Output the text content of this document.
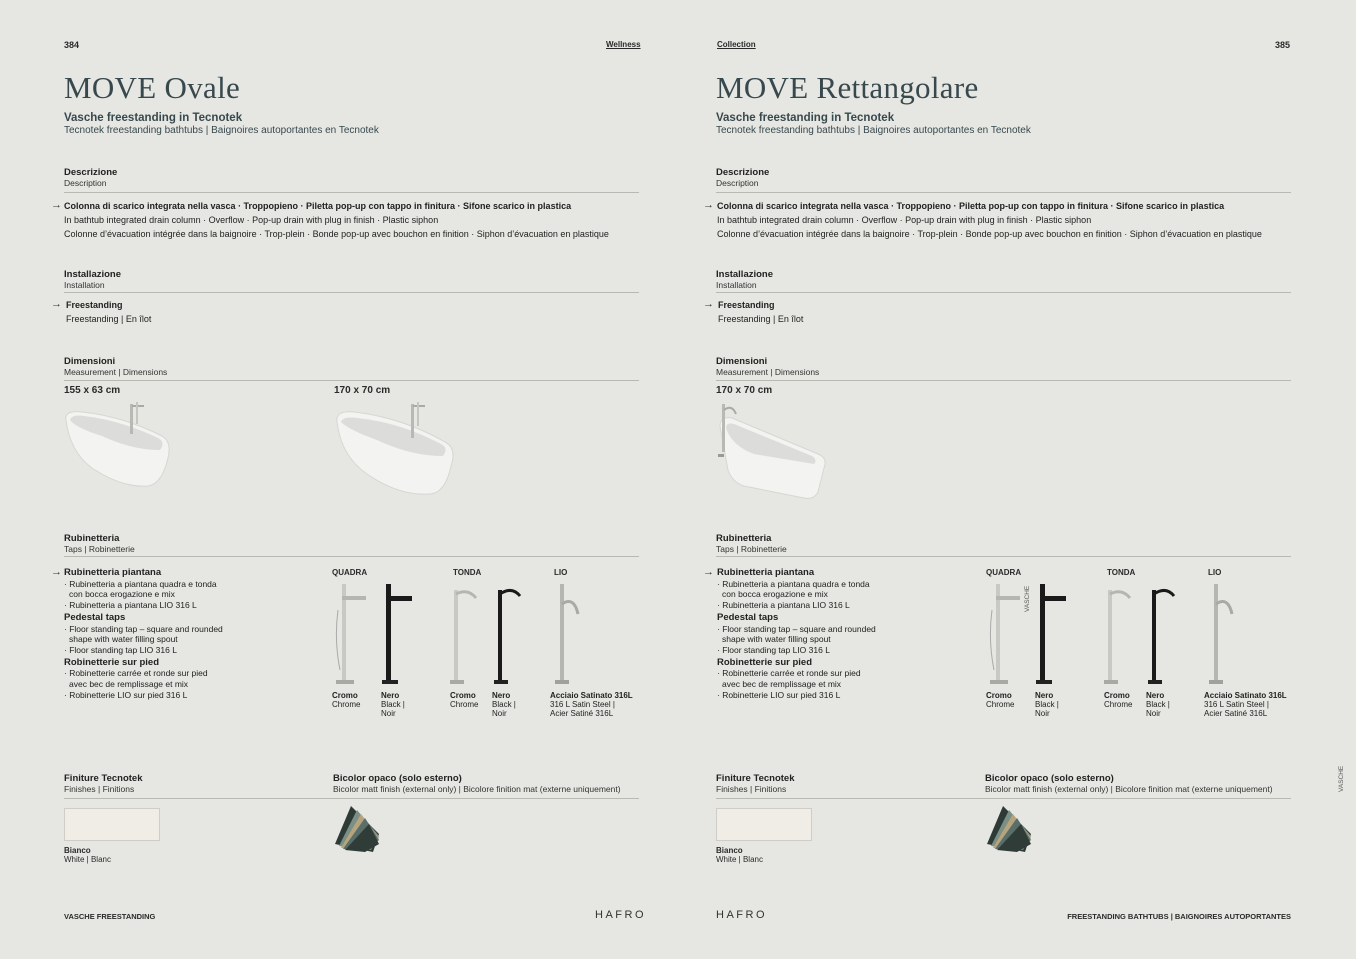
384	Wellness
MOVE Ovale
Vasche freestanding in Tecnotek
Tecnotek freestanding bathtubs | Baignoires autoportantes en Tecnotek
Descrizione
Description
→ Colonna di scarico integrata nella vasca · Troppopieno · Piletta pop-up con tappo in finitura · Sifone scarico in plastica
In bathtub integrated drain column · Overflow · Pop-up drain with plug in finish · Plastic siphon
Colonne d’évacuation intégrée dans la baignoire · Trop-plein · Bonde pop-up avec bouchon en finition · Siphon d’évacuation en plastique
Installazione
Installation
→ Freestanding
Freestanding | En îlot
Dimensioni
Measurement | Dimensions
155 x 63 cm	170 x 70 cm
Rubinetteria
Taps | Robinetterie
→ Rubinetteria piantana
· Rubinetteria a piantana quadra e tonda
con bocca erogazione e mix
· Rubinetteria a piantana LIO 316 L
Pedestal taps
· Floor standing tap – square and rounded
shape with water filling spout
· Floor standing tap LIO 316 L
Robinetterie sur pied
· Robinetterie carrée et ronde sur pied
avec bec de remplissage et mix
· Robinetterie LIO sur pied 316 L
QUADRA	TONDA	LIO
Cromo
Chrome
Nero
Black |
Noir
Cromo
Chrome
Nero
Black |
Noir
Acciaio Satinato 316L
316 L Satin Steel |
Acier Satiné 316L
Finiture Tecnotek
Finishes | Finitions
Bicolor opaco (solo esterno)
Bicolor matt finish (external only) | Bicolore finition mat (externe uniquement)
Bianco
White | Blanc
VASCHE FREESTANDING	HAFRO
Collection	385
MOVE Rettangolare
Vasche freestanding in Tecnotek
Tecnotek freestanding bathtubs | Baignoires autoportantes en Tecnotek
Descrizione
Description
→ Colonna di scarico integrata nella vasca · Troppopieno · Piletta pop-up con tappo in finitura · Sifone scarico in plastica
In bathtub integrated drain column · Overflow · Pop-up drain with plug in finish · Plastic siphon
Colonne d’évacuation intégrée dans la baignoire · Trop-plein · Bonde pop-up avec bouchon en finition · Siphon d’évacuation en plastique
Installazione
Installation
→ Freestanding
Freestanding | En îlot
Dimensioni
Measurement | Dimensions
170 x 70 cm
Rubinetteria
Taps | Robinetterie
→ Rubinetteria piantana
· Rubinetteria a piantana quadra e tonda
con bocca erogazione e mix
· Rubinetteria a piantana LIO 316 L
Pedestal taps
· Floor standing tap – square and rounded
shape with water filling spout
· Floor standing tap LIO 316 L
Robinetterie sur pied
· Robinetterie carrée et ronde sur pied
avec bec de remplissage et mix
· Robinetterie LIO sur pied 316 L
QUADRA	TONDA	LIO
VASCHE
Cromo
Chrome
Nero
Black |
Noir
Cromo
Chrome
Nero
Black |
Noir
Acciaio Satinato 316L
316 L Satin Steel |
Acier Satiné 316L
Finiture Tecnotek
Finishes | Finitions
Bicolor opaco (solo esterno)
Bicolor matt finish (external only) | Bicolore finition mat (externe uniquement)
Bianco
White | Blanc
VASCHE
HAFRO	FREESTANDING BATHTUBS | BAIGNOIRES AUTOPORTANTES
